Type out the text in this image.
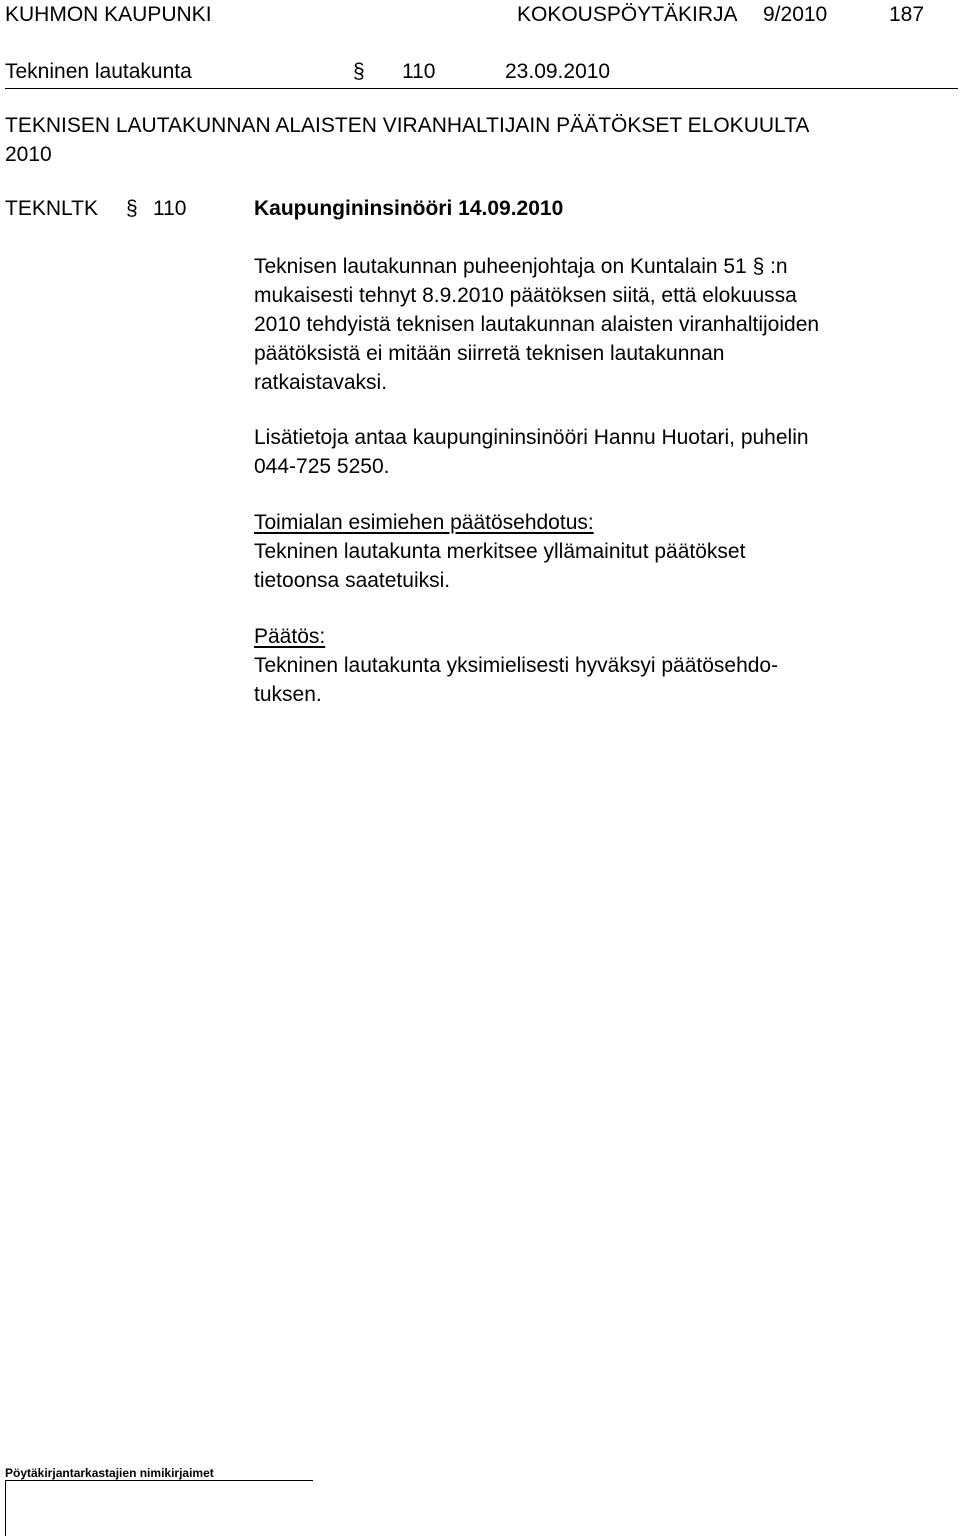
KUHMON KAUPUNKI	KOKOUSPÖYTÄKIRJA 9/2010	187
Tekninen lautakunta	§ 110	23.09.2010
TEKNISEN LAUTAKUNNAN ALAISTEN VIRANHALTIJAIN PÄÄTÖKSET ELOKUULTA
2010
TEKNLTK § 110	Kaupungininsinööri 14.09.2010

Teknisen lautakunnan puheenjohtaja on Kuntalain 51 § :n

mukaisesti tehnyt 8.9.2010 päätöksen siitä, että elokuussa

2010 tehdyistä teknisen lautakunnan alaisten viranhaltijoiden

päätöksistä ei mitään siirretä teknisen lautakunnan

ratkaistavaksi.

Lisätietoja antaa kaupungininsinööri Hannu Huotari, puhelin

044-725 5250.

Toimialan esimiehen päätösehdotus:

Tekninen lautakunta merkitsee yllämainitut päätökset

tietoonsa saatetuiksi.

Päätös:

Tekninen lautakunta yksimielisesti hyväksyi päätösehdo-

tuksen.

Pöytäkirjantarkastajien nimikirjaimet
